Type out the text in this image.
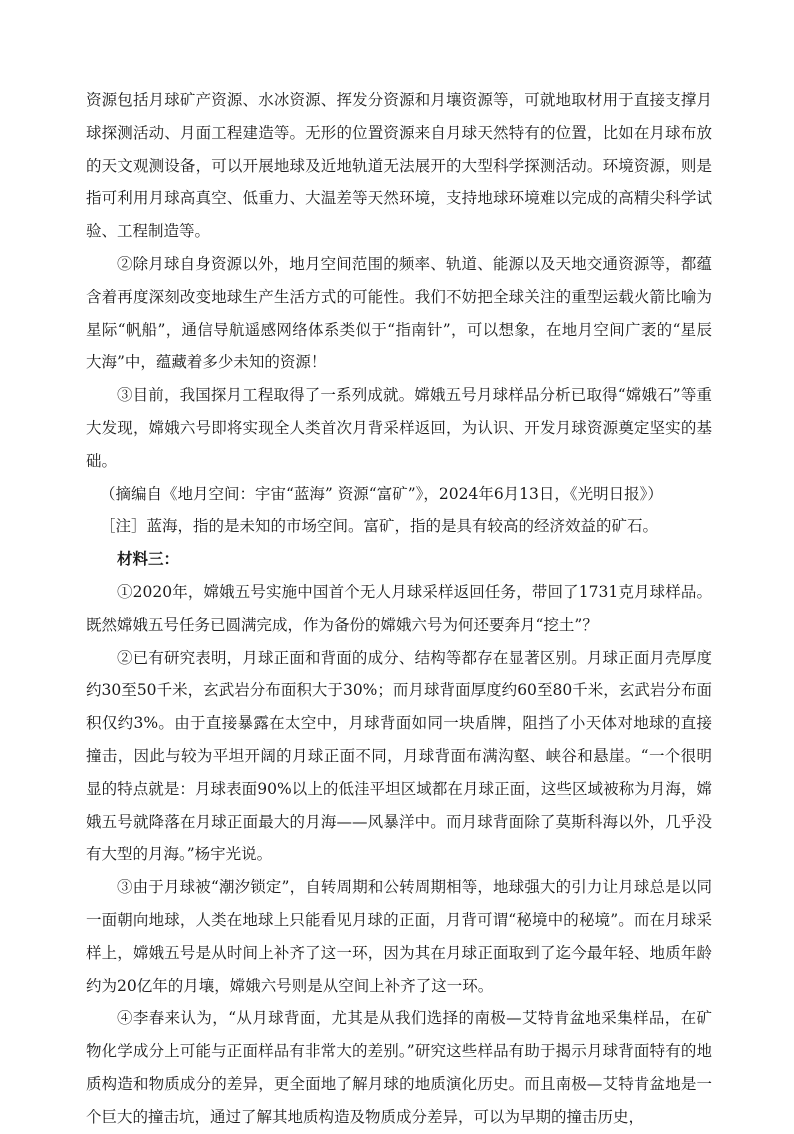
资源包括月球矿产资源、水冰资源、挥发分资源和月壤资源等，可就地取材用于直接支撑月球探测活动、月面工程建造等。无形的位置资源来自月球天然特有的位置，比如在月球布放的天文观测设备，可以开展地球及近地轨道无法展开的大型科学探测活动。环境资源，则是指可利用月球高真空、低重力、大温差等天然环境，支持地球环境难以完成的高精尖科学试验、工程制造等。

②除月球自身资源以外，地月空间范围的频率、轨道、能源以及天地交通资源等，都蕴含着再度深刻改变地球生产生活方式的可能性。我们不妨把全球关注的重型运载火箭比喻为星际“帆船”，通信导航遥感网络体系类似于“指南针”，可以想象，在地月空间广袤的“星辰大海”中，蕴藏着多少未知的资源！

③目前，我国探月工程取得了一系列成就。嫦娥五号月球样品分析已取得“嫦娥石”等重大发现，嫦娥六号即将实现全人类首次月背采样返回，为认识、开发月球资源奠定坚实的基础。

（摘编自《地月空间：宇宙“蓝海” 资源“富矿”》，2024年6月13日，《光明日报》）

［注］蓝海，指的是未知的市场空间。富矿，指的是具有较高的经济效益的矿石。

材料三：

①2020年，嫦娥五号实施中国首个无人月球采样返回任务，带回了1731克月球样品。既然嫦娥五号任务已圆满完成，作为备份的嫦娥六号为何还要奔月“挖土”？

②已有研究表明，月球正面和背面的成分、结构等都存在显著区别。月球正面月壳厚度约30至50千米，玄武岩分布面积大于30%；而月球背面厚度约60至80千米，玄武岩分布面积仅约3%。由于直接暴露在太空中，月球背面如同一块盾牌，阻挡了小天体对地球的直接撞击，因此与较为平坦开阔的月球正面不同，月球背面布满沟壑、峡谷和悬崖。“一个很明显的特点就是：月球表面90%以上的低洼平坦区域都在月球正面，这些区域被称为月海，嫦娥五号就降落在月球正面最大的月海——风暴洋中。而月球背面除了莫斯科海以外，几乎没有大型的月海。”杨宇光说。

③由于月球被“潮汐锁定”，自转周期和公转周期相等，地球强大的引力让月球总是以同一面朝向地球，人类在地球上只能看见月球的正面，月背可谓“秘境中的秘境”。而在月球采样上，嫦娥五号是从时间上补齐了这一环，因为其在月球正面取到了迄今最年轻、地质年龄约为20亿年的月壤，嫦娥六号则是从空间上补齐了这一环。

④李春来认为，“从月球背面，尤其是从我们选择的南极—艾特肯盆地采集样品，在矿物化学成分上可能与正面样品有非常大的差别。”研究这些样品有助于揭示月球背面特有的地质构造和物质成分的差异，更全面地了解月球的地质演化历史。而且南极—艾特肯盆地是一个巨大的撞击坑，通过了解其地质构造及物质成分差异，可以为早期的撞击历史，
